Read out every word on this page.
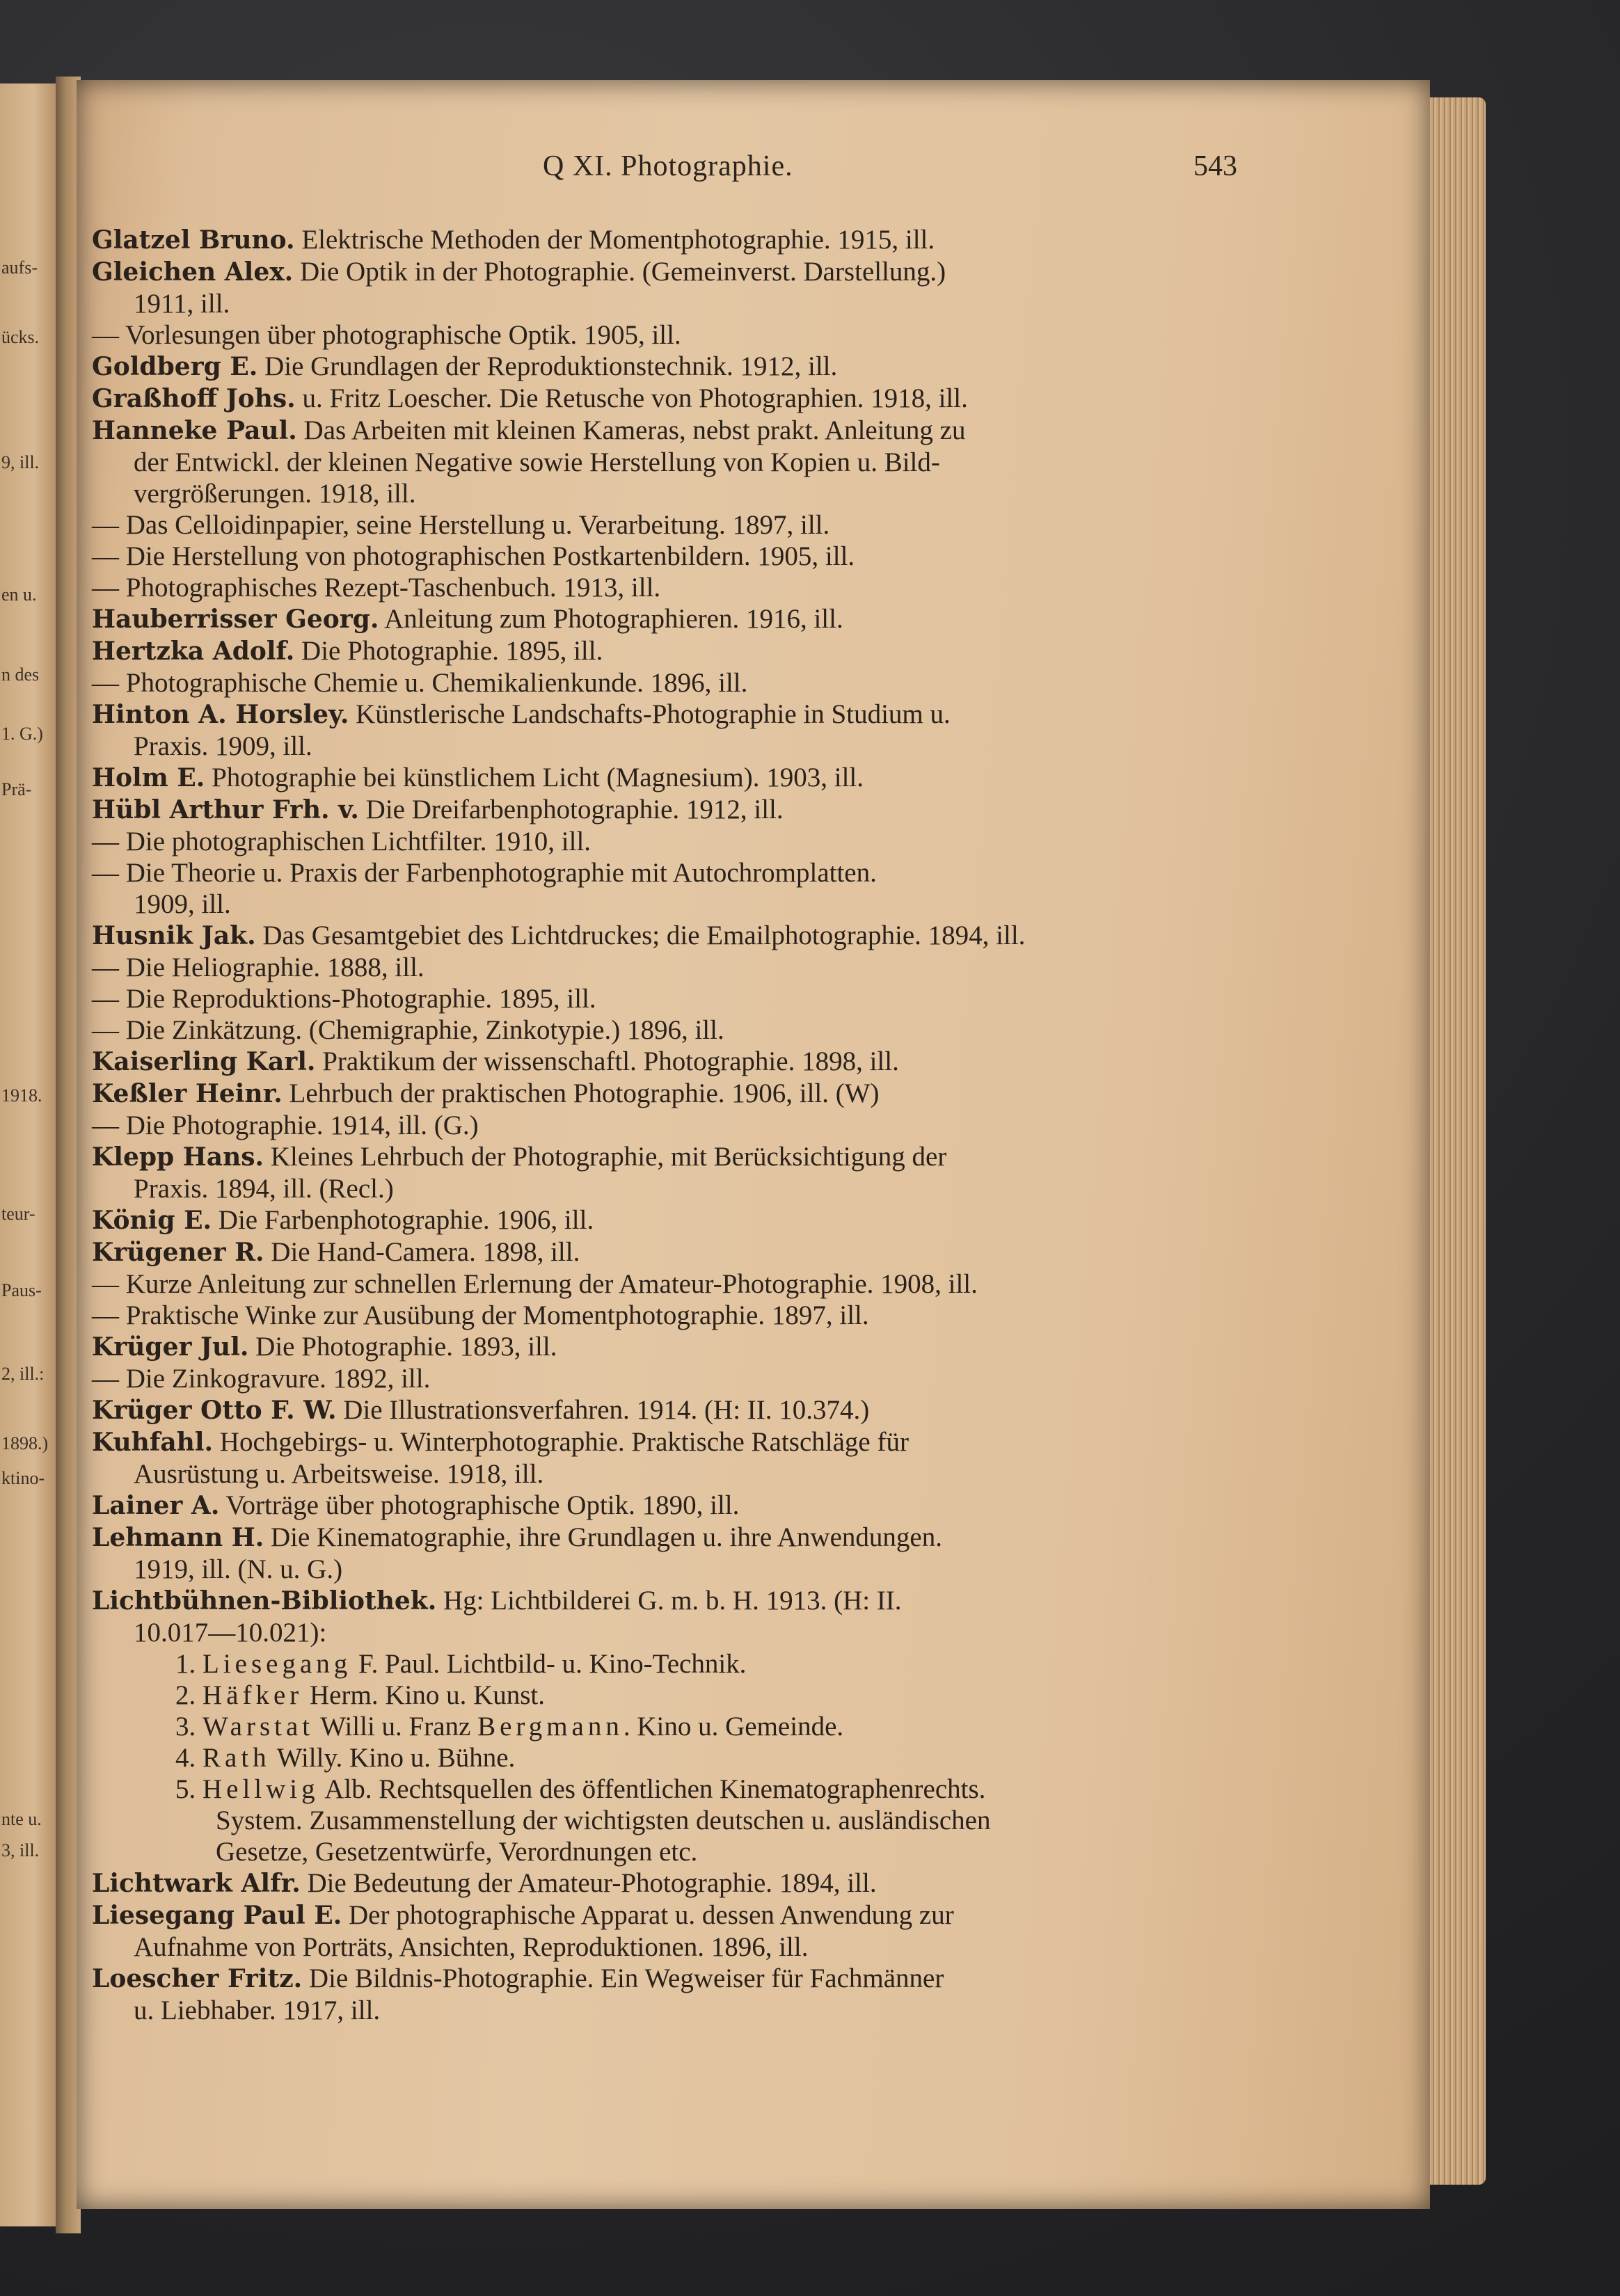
aufs-
ücks.
9, ill.
en u.
n des
1. G.)
Prä-
1918.
teur-
Paus-
2, ill.:
1898.)
ktino-
nte u.
3, ill.
Q XI. Photographie.	543
Glatzel Bruno. Elektrische Methoden der Momentphotographie. 1915, ill.
Gleichen Alex. Die Optik in der Photographie. (Gemeinverst. Darstellung.)
1911, ill.
— Vorlesungen über photographische Optik. 1905, ill.
Goldberg E. Die Grundlagen der Reproduktionstechnik. 1912, ill.
Graßhoff Johs. u. Fritz Loescher. Die Retusche von Photographien. 1918, ill.
Hanneke Paul. Das Arbeiten mit kleinen Kameras, nebst prakt. Anleitung zu
der Entwickl. der kleinen Negative sowie Herstellung von Kopien u. Bild-
vergrößerungen. 1918, ill.
— Das Celloidinpapier, seine Herstellung u. Verarbeitung. 1897, ill.
— Die Herstellung von photographischen Postkartenbildern. 1905, ill.
— Photographisches Rezept-Taschenbuch. 1913, ill.
Hauberrisser Georg. Anleitung zum Photographieren. 1916, ill.
Hertzka Adolf. Die Photographie. 1895, ill.
— Photographische Chemie u. Chemikalienkunde. 1896, ill.
Hinton A. Horsley. Künstlerische Landschafts-Photographie in Studium u.
Praxis. 1909, ill.
Holm E. Photographie bei künstlichem Licht (Magnesium). 1903, ill.
Hübl Arthur Frh. v. Die Dreifarbenphotographie. 1912, ill.
— Die photographischen Lichtfilter. 1910, ill.
— Die Theorie u. Praxis der Farbenphotographie mit Autochromplatten.
1909, ill.
Husnik Jak. Das Gesamtgebiet des Lichtdruckes; die Emailphotographie. 1894, ill.
— Die Heliographie. 1888, ill.
— Die Reproduktions-Photographie. 1895, ill.
— Die Zinkätzung. (Chemigraphie, Zinkotypie.) 1896, ill.
Kaiserling Karl. Praktikum der wissenschaftl. Photographie. 1898, ill.
Keßler Heinr. Lehrbuch der praktischen Photographie. 1906, ill. (W)
— Die Photographie. 1914, ill. (G.)
Klepp Hans. Kleines Lehrbuch der Photographie, mit Berücksichtigung der
Praxis. 1894, ill. (Recl.)
König E. Die Farbenphotographie. 1906, ill.
Krügener R. Die Hand-Camera. 1898, ill.
— Kurze Anleitung zur schnellen Erlernung der Amateur-Photographie. 1908, ill.
— Praktische Winke zur Ausübung der Momentphotographie. 1897, ill.
Krüger Jul. Die Photographie. 1893, ill.
— Die Zinkogravure. 1892, ill.
Krüger Otto F. W. Die Illustrationsverfahren. 1914. (H: II. 10.374.)
Kuhfahl. Hochgebirgs- u. Winterphotographie. Praktische Ratschläge für
Ausrüstung u. Arbeitsweise. 1918, ill.
Lainer A. Vorträge über photographische Optik. 1890, ill.
Lehmann H. Die Kinematographie, ihre Grundlagen u. ihre Anwendungen.
1919, ill. (N. u. G.)
Lichtbühnen-Bibliothek. Hg: Lichtbilderei G. m. b. H. 1913. (H: II.
10.017—10.021):
1. Liesegang F. Paul. Lichtbild- u. Kino-Technik.
2. Häfker Herm. Kino u. Kunst.
3. Warstat Willi u. Franz Bergmann. Kino u. Gemeinde.
4. Rath Willy. Kino u. Bühne.
5. Hellwig Alb. Rechtsquellen des öffentlichen Kinematographenrechts.
System. Zusammenstellung der wichtigsten deutschen u. ausländischen
Gesetze, Gesetzentwürfe, Verordnungen etc.
Lichtwark Alfr. Die Bedeutung der Amateur-Photographie. 1894, ill.
Liesegang Paul E. Der photographische Apparat u. dessen Anwendung zur
Aufnahme von Porträts, Ansichten, Reproduktionen. 1896, ill.
Loescher Fritz. Die Bildnis-Photographie. Ein Wegweiser für Fachmänner
u. Liebhaber. 1917, ill.
